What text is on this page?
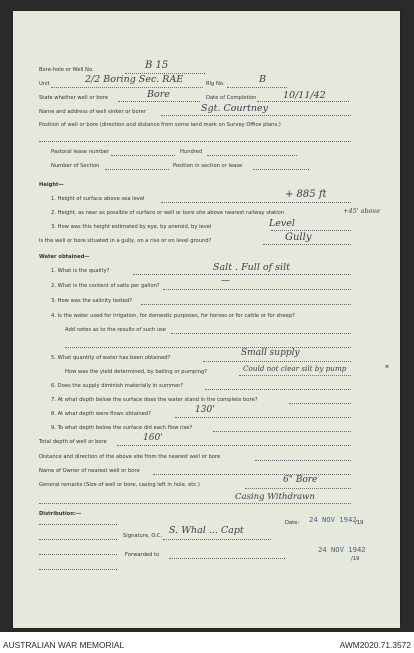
Bore-hole or Well No.	B 15
Unit	2/2 Boring Sec. RAE	Rig No.	B
State whether well or bore	Bore	Date of Completion	10/11/42
Name and address of well sinker or borer	Sgt. Courtney
Position of well or bore (direction and distance from some land mark on Survey Office plans.)
Pastoral lease number	Hundred
Number of Section	Position in section or lease
Height—
1. Height of surface above sea level	+ 885 ft
2. Height, as near as possible of surface or well or bore site above nearest railway station	+45' above
3. How was this height estimated by eye, by aneroid, by level	Level
Is the well or bore situated in a gully, on a rise or on level ground?	Gully
Water obtained—
1. What is the quality?	Salt . Full of silt
2. What is the content of salts per gallon?	—
3. How was the salinity tested?
4. Is the water used for irrigation, for domestic purposes, for horses or for cattle or for sheep?
Add notes as to the results of such use
5. What quantity of water has been obtained?	Small supply
How was the yield determined, by bailing or pumping?	Could not clear silt by pump	*
6. Does the supply diminish materially in summer?
7. At what depth below the surface does the water stand in the complete bore?
8. At what depth were flows obtained?	130'
9. To what depth below the surface did each flow rise?
Total depth of well or bore	160'
Distance and direction of the above site from the nearest well or bore
Name of Owner of nearest well or bore
General remarks (Size of well or bore, casing left in hole, etc.)	6" Bore
Casing Withdrawn
Distribution:—
Date: 24 NOV 1942
/19
Signature, O.C. S. Whal ... Capt
24 NOV 1942
Forwarded to
/19
AUSTRALIAN WAR MEMORIAL	AWM2020.71.3572
